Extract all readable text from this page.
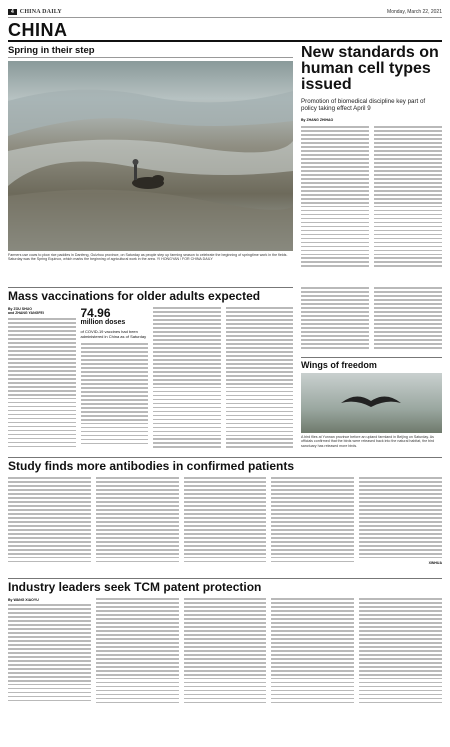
4	CHINA DAILY	Monday, March 22, 2021
CHINA
Spring in their step
Farmers use cows to plow rice paddies in Danfeng, Guizhou province, on Saturday as people step up farming season to celebrate the beginning of springtime work in the fields. Saturday was the Spring Equinox, which marks the beginning of agricultural work in the area. YI HONGYAN / FOR CHINA DAILY
New standards on human cell types issued
Promotion of biomedical discipline key part of policy taking effect April 9
By ZHANG ZHIHAO
Mass vaccinations for older adults expected
By ZOU SHUO
and ZHANG YANGFEI	74.96
million doses
of COVID-19 vaccines had been administered in China as of Saturday
Wings of freedom
A bird flies at Yunnan province before an upland farmland in Beijing on Saturday. As officials confirmed that the birds were released back into the natural habitat, the bird sanctuary has released more birds.
Study finds more antibodies in confirmed patients
XINHUA
Industry leaders seek TCM patent protection
By WANG XIAOYU
